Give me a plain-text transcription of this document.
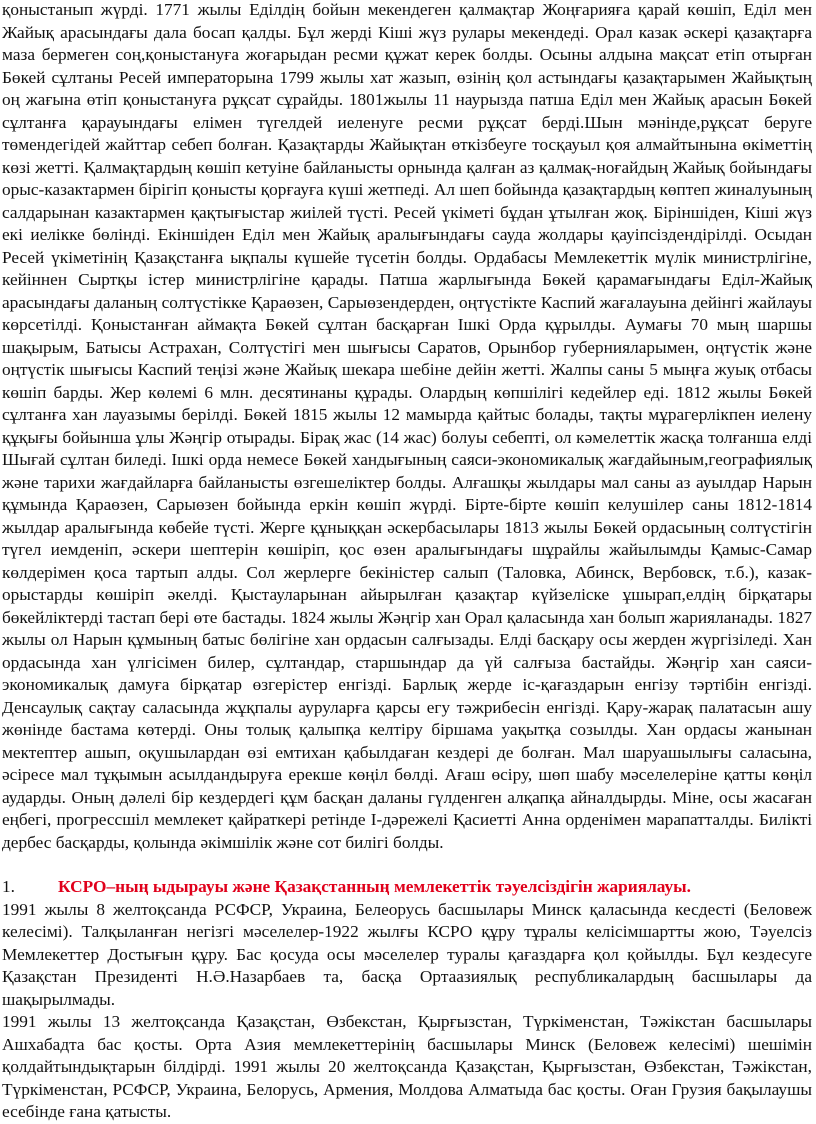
қоныстанып жүрді. 1771 жылы Еділдің бойын мекендеген қалмақтар Жоңғарияға қарай көшіп, Еділ мен Жайық арасындағы дала босап қалды. Бұл жерді Кіші жүз рулары мекендеді. Орал казак әскері қазақтарға маза бермеген соң,қоныстануға жоғарыдан ресми құжат керек болды. Осыны алдына мақсат етіп отырған Бөкей сұлтаны Ресей императорына 1799 жылы хат жазып, өзінің қол астындағы қазақтарымен Жайықтың оң жағына өтіп қоныстануға рұқсат сұрайды. 1801жылы 11 наурызда патша Еділ мен Жайық арасын Бөкей сұлтанға қарауындағы елімен түгелдей иеленуге ресми рұқсат берді.Шын мәнінде,рұқсат беруге төмендегідей жайттар себеп болған. Қазақтарды Жайықтан өткізбеуге тосқауыл қоя алмайтынына өкіметтің көзі жетті. Қалмақтардың көшіп кетуіне байланысты орнында қалған аз қалмақ-ноғайдың Жайық бойындағы орыс-казактармен бірігіп қонысты қорғауға күші жетпеді. Ал шеп бойында қазақтардың көптеп жиналуының салдарынан казактармен қақтығыстар жиілей түсті. Ресей үкіметі бұдан ұтылған жоқ. Біріншіден, Кіші жүз екі иелікке бөлінді. Екіншіден Еділ мен Жайық аралығындағы сауда жолдары қауіпсіздендірілді. Осыдан Ресей үкіметінің Қазақстанға ықпалы күшейе түсетін болды. Ордабасы Мемлекеттік мүлік министрлігіне, кейіннен Сыртқы істер министрлігіне қарады. Патша жарлығында Бөкей қарамағындағы Еділ-Жайық арасындағы даланың солтүстікке Қараөзен, Сарыөзендерден, оңтүстікте Каспий жағалауына дейінгі жайлауы көрсетілді. Қоныстанған аймақта Бөкей сұлтан басқарған Ішкі Орда құрылды. Аумағы 70 мың шаршы шақырым, Батысы Астрахан, Солтүстігі мен шығысы Саратов, Орынбор губернияларымен, оңтүстік және оңтүстік шығысы Каспий теңізі және Жайық шекара шебіне дейін жетті. Жалпы саны 5 мыңға жуық отбасы көшіп барды. Жер көлемі 6 млн. десятинаны құрады. Олардың көпшілігі кедейлер еді. 1812 жылы Бөкей сұлтанға хан лауазымы берілді. Бөкей 1815 жылы 12 мамырда қайтыс болады, тақты мұрагерлікпен иелену құқығы бойынша ұлы Жәңгір отырады. Бірақ жас (14 жас) болуы себепті, ол кәмелеттік жасқа толғанша елді Шығай сұлтан биледі. Ішкі орда немесе Бөкей хандығының саяси-экономикалық жағдайыным,географиялық және тарихи жағдайларға байланысты өзгешеліктер болды. Алғашқы жылдары мал саны аз ауылдар Нарын құмында Қараөзен, Сарыөзен бойында еркін көшіп жүрді. Бірте-бірте көшіп келушілер саны 1812-1814 жылдар аралығында көбейе түсті. Жерге құныққан әскербасылары 1813 жылы Бөкей ордасының солтүстігін түгел иемденіп, әскери шептерін көшіріп, қос өзен аралығындағы шұрайлы жайылымды Қамыс-Самар көлдерімен қоса тартып алды. Сол жерлерге бекіністер салып (Таловка, Абинск, Вербовск, т.б.), казак-орыстарды көшіріп әкелді. Қыстауларынан айырылған қазақтар күйзеліске ұшырап,елдің бірқатары бөкейліктерді тастап бері өте бастады. 1824 жылы Жәңгір хан Орал қаласында хан болып жарияланады. 1827 жылы ол Нарын құмының батыс бөлігіне хан ордасын салғызады. Елді басқару осы жерден жүргізіледі. Хан ордасында хан үлгісімен билер, сұлтандар, старшындар да үй салғыза бастайды. Жәңгір хан саяси-экономикалық дамуға бірқатар өзгерістер енгізді. Барлық жерде іс-қағаздарын енгізу тәртібін енгізді. Денсаулық сақтау саласында жұқпалы ауруларға қарсы егу тәжрибесін енгізді. Қару-жарақ палатасын ашу жөнінде бастама көтерді. Оны толық қалыпқа келтіру біршама уақытқа созылды. Хан ордасы жанынан мектептер ашып, оқушылардан өзі емтихан қабылдаған кездері де болған. Мал шаруашылығы саласына, әсіресе мал тұқымын асылдандыруға ерекше көңіл бөлді. Ағаш өсіру, шөп шабу мәселелеріне қатты көңіл аударды. Оның дәлелі бір кездердегі құм басқан даланы гүлденген алқапқа айналдырды. Міне, осы жасаған еңбегі, прогрессшіл мемлекет қайраткері ретінде І-дәрежелі Қасиетті Анна орденімен марапатталды. Билікті дербес басқарды, қолында әкімшілік және сот билігі болды.

1.	КСРО–ның ыдырауы және Қазақстанның мемлекеттік тәуелсіздігін жариялауы.

1991 жылы 8 желтоқсанда РСФСР, Украина, Белеорусь басшылары Минск қаласында кесдесті (Беловеж келесімі). Талқыланған негізгі мәселелер-1922 жылғы КСРО құру тұралы келісімшартты жою, Тәуелсіз Мемлекеттер Достығын құру. Бас қосуда осы мәселелер туралы қағаздарға қол қойылды. Бұл кездесуге Қазақстан Президенті Н.Ә.Назарбаев та, басқа Ортаазиялық республикалардың басшылары да шақырылмады.

1991 жылы 13 желтоқсанда Қазақстан, Өзбекстан, Қырғызстан, Түркіменстан, Тәжікстан басшылары Ашхабадта бас қосты. Орта Азия мемлекеттерінің басшылары Минск (Беловеж келесімі) шешімін қолдайтындықтарын білдірді. 1991 жылы 20 желтоқсанда Қазақстан, Қырғызстан, Өзбекстан, Тәжікстан, Түркіменстан, РСФСР, Украина, Белорусь, Армения, Молдова Алматыда бас қосты. Оған Грузия бақылаушы есебінде ғана қатысты.
